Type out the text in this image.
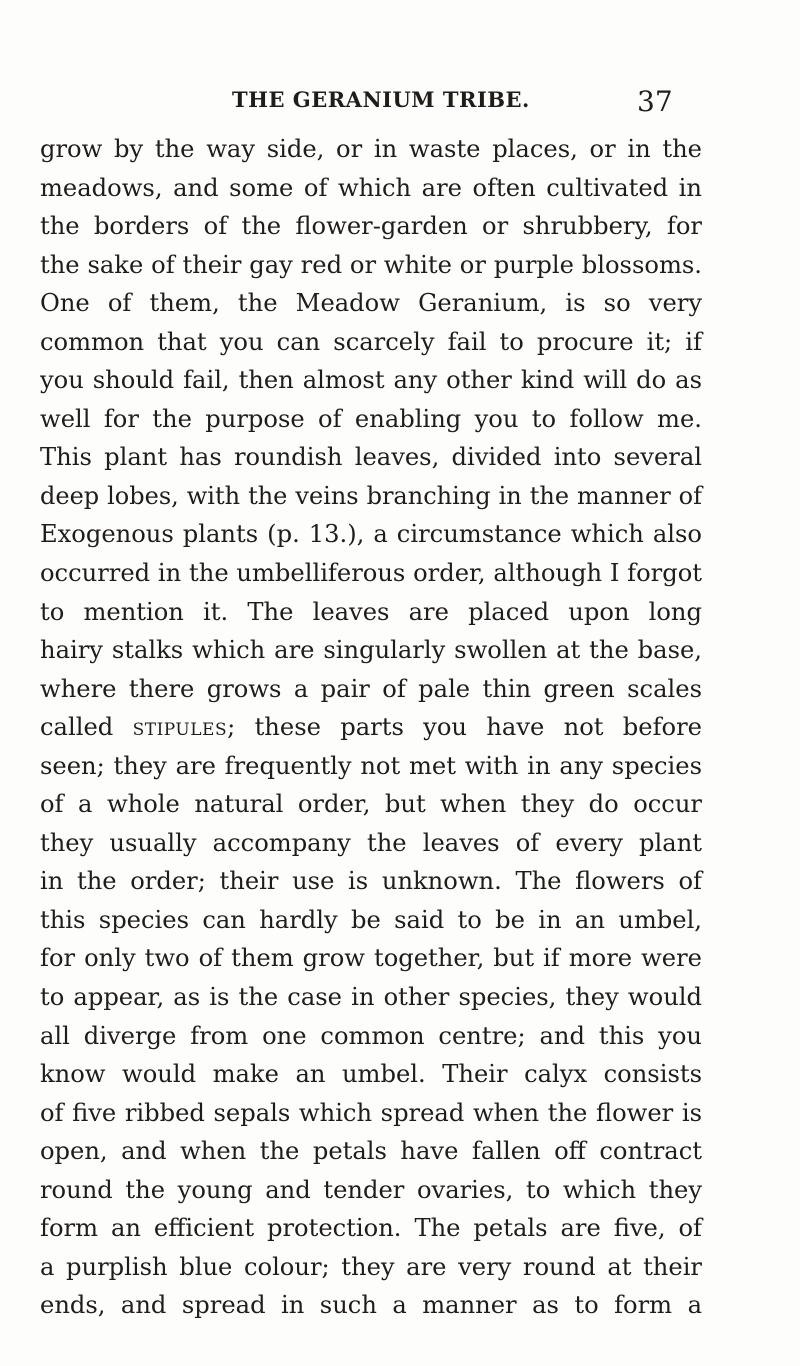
THE GERANIUM TRIBE.	37
grow by the way side, or in waste places, or in the
meadows, and some of which are often cultivated in
the borders of the flower-garden or shrubbery, for
the sake of their gay red or white or purple blossoms.
One of them, the Meadow Geranium, is so very
common that you can scarcely fail to procure it; if
you should fail, then almost any other kind will do as
well for the purpose of enabling you to follow me.
This plant has roundish leaves, divided into several
deep lobes, with the veins branching in the manner of
Exogenous plants (p. 13.), a circumstance which also
occurred in the umbelliferous order, although I forgot
to mention it. The leaves are placed upon long
hairy stalks which are singularly swollen at the base,
where there grows a pair of pale thin green scales
called stipules; these parts you have not before
seen; they are frequently not met with in any species
of a whole natural order, but when they do occur
they usually accompany the leaves of every plant
in the order; their use is unknown. The flowers of
this species can hardly be said to be in an umbel,
for only two of them grow together, but if more were
to appear, as is the case in other species, they would
all diverge from one common centre; and this you
know would make an umbel. Their calyx consists
of five ribbed sepals which spread when the flower is
open, and when the petals have fallen off contract
round the young and tender ovaries, to which they
form an efficient protection. The petals are five, of
a purplish blue colour; they are very round at their
ends, and spread in such a manner as to form a
